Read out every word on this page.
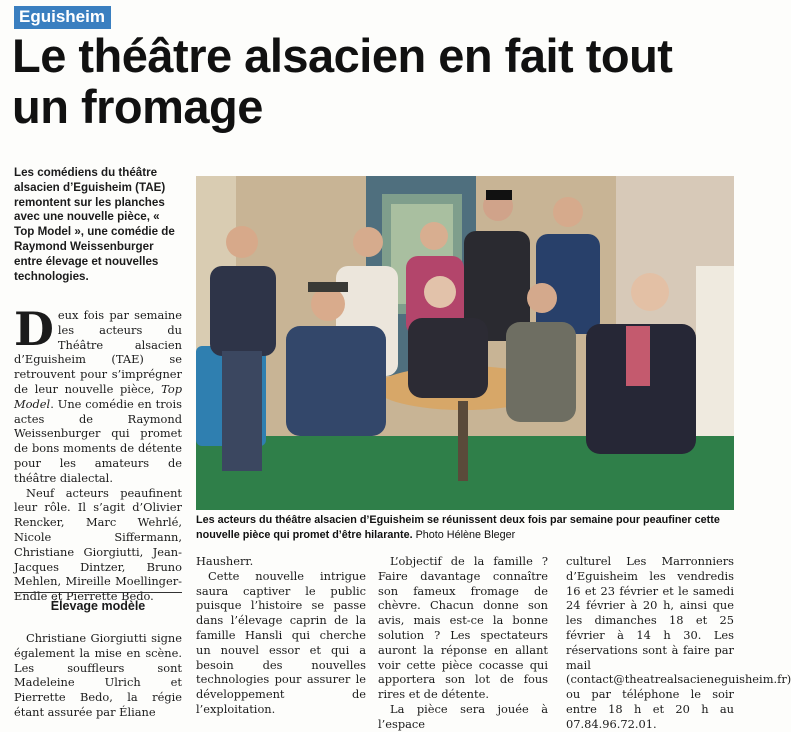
Eguisheim
Le théâtre alsacien en fait tout un fromage
Les comédiens du théâtre alsacien d’Eguisheim (TAE) remontent sur les planches avec une nouvelle pièce, « Top Model », une comédie de Raymond Weissenburger entre élevage et nouvelles technologies.

Deux fois par semaine les acteurs du Théâtre alsacien d’Eguisheim (TAE) se retrouvent pour s’imprégner de leur nouvelle pièce, Top Model. Une comédie en trois actes de Raymond Weissenburger qui promet de bons moments de détente pour les amateurs de théâtre dialectal.

Neuf acteurs peaufinent leur rôle. Il s’agit d’Olivier Rencker, Marc Wehrlé, Nicole Siffermann, Christiane Giorgiutti, Jean-Jacques Dintzer, Bruno Mehlen, Mireille Moellinger-Endle et Pierrette Bedo.

Élevage modèle

Christiane Giorgiutti signe également la mise en scène. Les souffleurs sont Madeleine Ulrich et Pierrette Bedo, la régie étant assurée par Éliane

Les acteurs du théâtre alsacien d’Eguisheim se réunissent deux fois par semaine pour peaufiner cette nouvelle pièce qui promet d’être hilarante. Photo Hélène Bleger

Hausherr.

Cette nouvelle intrigue saura captiver le public puisque l’histoire se passe dans l’élevage caprin de la famille Hansli qui cherche un nouvel essor et qui a besoin des nouvelles technologies pour assurer le développement de l’exploitation.

L’objectif de la famille ? Faire davantage connaître son fameux fromage de chèvre. Chacun donne son avis, mais est-ce la bonne solution ? Les spectateurs auront la réponse en allant voir cette pièce cocasse qui apportera son lot de fous rires et de détente.

La pièce sera jouée à l’espace

culturel Les Marronniers d’Eguisheim les vendredis 16 et 23 février et le samedi 24 février à 20 h, ainsi que les dimanches 18 et 25 février à 14 h 30. Les réservations sont à faire par mail (contact@theatrealsacieneguisheim.fr) ou par téléphone le soir entre 18 h et 20 h au 07.84.96.72.01.
